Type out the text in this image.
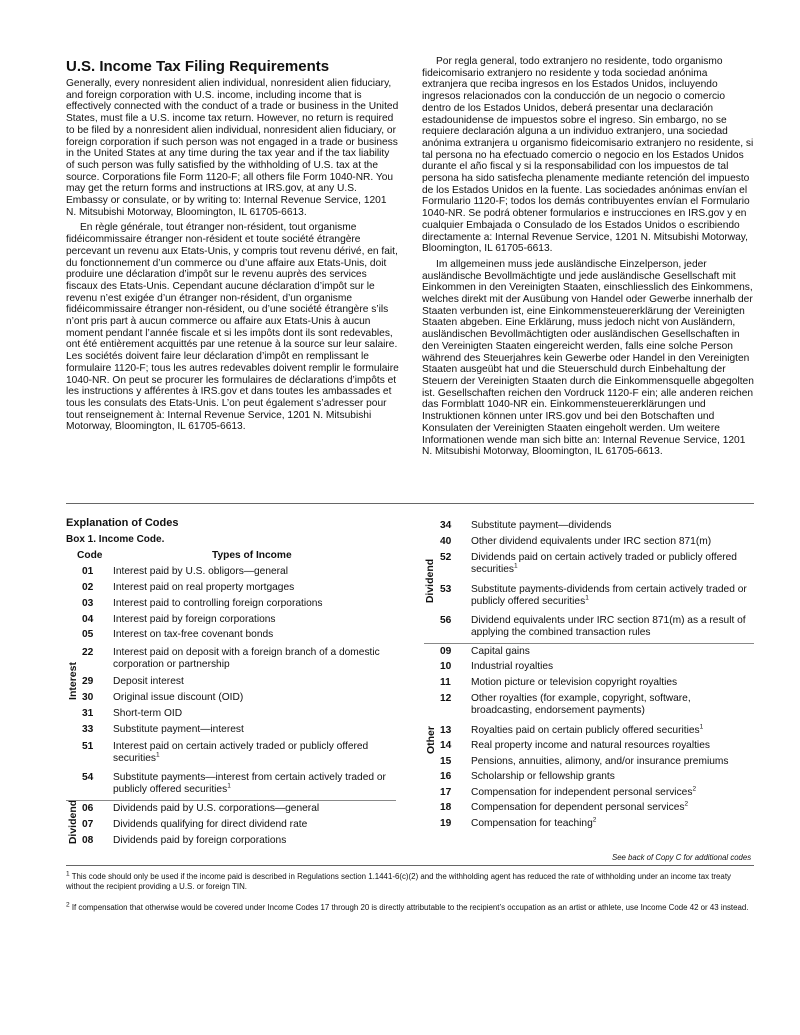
U.S. Income Tax Filing Requirements

Generally, every nonresident alien individual, nonresident alien fiduciary, and foreign corporation with U.S. income, including income that is effectively connected with the conduct of a trade or business in the United States, must file a U.S. income tax return. However, no return is required to be filed by a nonresident alien individual, nonresident alien fiduciary, or foreign corporation if such person was not engaged in a trade or business in the United States at any time during the tax year and if the tax liability of such person was fully satisfied by the withholding of U.S. tax at the source. Corporations file Form 1120-F; all others file Form 1040-NR. You may get the return forms and instructions at IRS.gov, at any U.S. Embassy or consulate, or by writing to: Internal Revenue Service, 1201 N. Mitsubishi Motorway, Bloomington, IL 61705-6613.

En règle générale, tout étranger non-résident, tout organisme fidéicommissaire étranger non-résident et toute société étrangère percevant un revenu aux Etats-Unis, y compris tout revenu dérivé, en fait, du fonctionnement d’un commerce ou d’une affaire aux Etats-Unis, doit produire une déclaration d’impôt sur le revenu auprès des services fiscaux des Etats-Unis. Cependant aucune déclaration d’impôt sur le revenu n’est exigée d’un étranger non-résident, d’un organisme fidéicommissaire étranger non-résident, ou d’une société étrangère s’ils n’ont pris part à aucun commerce ou affaire aux Etats-Unis à aucun moment pendant l’année fiscale et si les impôts dont ils sont redevables, ont été entièrement acquittés par une retenue à la source sur leur salaire. Les sociétés doivent faire leur déclaration d’impôt en remplissant le formulaire 1120-F; tous les autres redevables doivent remplir le formulaire 1040-NR. On peut se procurer les formulaires de déclarations d’impôts et les instructions y afférentes à IRS.gov et dans toutes les ambassades et tous les consulats des Etats-Unis. L’on peut également s’adresser pour tout renseignement à: Internal Revenue Service, 1201 N. Mitsubishi Motorway, Bloomington, IL 61705-6613.

Por regla general, todo extranjero no residente, todo organismo fideicomisario extranjero no residente y toda sociedad anónima extranjera que reciba ingresos en los Estados Unidos, incluyendo ingresos relacionados con la conducción de un negocio o comercio dentro de los Estados Unidos, deberá presentar una declaración estadounidense de impuestos sobre el ingreso. Sin embargo, no se requiere declaración alguna a un individuo extranjero, una sociedad anónima extranjera u organismo fideicomisario extranjero no residente, si tal persona no ha efectuado comercio o negocio en los Estados Unidos durante el año fiscal y si la responsabilidad con los impuestos de tal persona ha sido satisfecha plenamente mediante retención del impuesto de los Estados Unidos en la fuente. Las sociedades anónimas envían el Formulario 1120-F; todos los demás contribuyentes envían el Formulario 1040-NR. Se podrá obtener formularios e instrucciones en IRS.gov y en cualquier Embajada o Consulado de los Estados Unidos o escribiendo directamente a: Internal Revenue Service, 1201 N. Mitsubishi Motorway, Bloomington, IL 61705-6613.

Im allgemeinen muss jede ausländische Einzelperson, jeder ausländische Bevollmächtigte und jede ausländische Gesellschaft mit Einkommen in den Vereinigten Staaten, einschliesslich des Einkommens, welches direkt mit der Ausübung von Handel oder Gewerbe innerhalb der Staaten verbunden ist, eine Einkommensteuererklärung der Vereinigten Staaten abgeben. Eine Erklärung, muss jedoch nicht von Ausländern, ausländischen Bevollmächtigten oder ausländischen Gesellschaften in den Vereinigten Staaten eingereicht werden, falls eine solche Person während des Steuerjahres kein Gewerbe oder Handel in den Vereinigten Staaten ausgeübt hat und die Steuerschuld durch Einbehaltung der Steuern der Vereinigten Staaten durch die Einkommensquelle abgegolten ist. Gesellschaften reichen den Vordruck 1120-F ein; alle anderen reichen das Formblatt 1040-NR ein. Einkommensteuererklärungen und Instruktionen können unter IRS.gov und bei den Botschaften und Konsulaten der Vereinigten Staaten eingeholt werden. Um weitere Informationen wende man sich bitte an: Internal Revenue Service, 1201 N. Mitsubishi Motorway, Bloomington, IL 61705-6613.

Explanation of Codes
Box 1. Income Code.
Code	Types of Income
Interest
Dividend
01 Interest paid by U.S. obligors—general
02 Interest paid on real property mortgages
03 Interest paid to controlling foreign corporations
04 Interest paid by foreign corporations
05 Interest on tax-free covenant bonds
22 Interest paid on deposit with a foreign branch of a domestic corporation or partnership
29 Deposit interest
30 Original issue discount (OID)
31 Short-term OID
33 Substitute payment—interest
51 Interest paid on certain actively traded or publicly offered securities$^1$
54 Substitute payments—interest from certain actively traded or publicly offered securities$^1$
06 Dividends paid by U.S. corporations—general
07 Dividends qualifying for direct dividend rate
08 Dividends paid by foreign corporations
Dividend
Other
34 Substitute payment—dividends
40 Other dividend equivalents under IRC section 871(m)
52 Dividends paid on certain actively traded or publicly offered securities$^1$
53 Substitute payments-dividends from certain actively traded or publicly offered securities$^1$
56 Dividend equivalents under IRC section 871(m) as a result of applying the combined transaction rules
09 Capital gains
10 Industrial royalties
11 Motion picture or television copyright royalties
12 Other royalties (for example, copyright, software, broadcasting, endorsement payments)
13 Royalties paid on certain publicly offered securities$^1$
14 Real property income and natural resources royalties
15 Pensions, annuities, alimony, and/or insurance premiums
16 Scholarship or fellowship grants
17 Compensation for independent personal services$^2$
18 Compensation for dependent personal services$^2$
19 Compensation for teaching$^2$
See back of Copy C for additional codes
$^1$ This code should only be used if the income paid is described in Regulations section 1.1441-6(c)(2) and the withholding agent has reduced the rate of withholding under an income tax treaty without the recipient providing a U.S. or foreign TIN.
$^2$ If compensation that otherwise would be covered under Income Codes 17 through 20 is directly attributable to the recipient’s occupation as an artist or athlete, use Income Code 42 or 43 instead.
